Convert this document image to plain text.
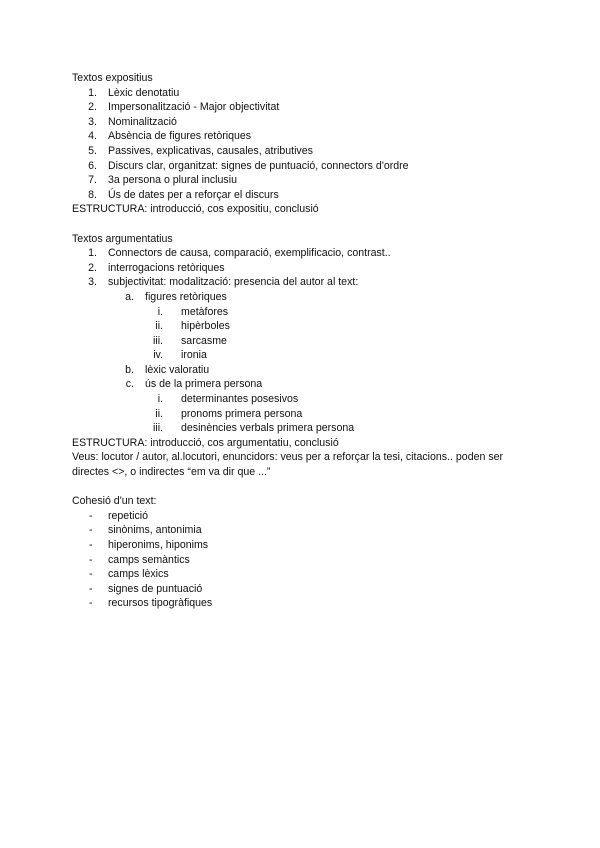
Textos expositius
1. Lèxic denotatiu
2. Impersonalització - Major objectivitat
3. Nominalització
4. Absència de figures retòriques
5. Passives, explicativas, causales, atributives
6. Discurs clar, organitzat: signes de puntuació, connectors d'ordre
7. 3a persona o plural inclusiu
8. Ús de dates per a reforçar el discurs
ESTRUCTURA: introducció, cos expositiu, conclusió
Textos argumentatius
1. Connectors de causa, comparació, exemplificacio, contrast..
2. interrogacions retòriques
3. subjectivitat: modalització: presencia del autor al text:
a. figures retòriques
i. metàfores
ii. hipèrboles
iii. sarcasme
iv. ironia
b. lèxic valoratiu
c. ús de la primera persona
i. determinantes posesivos
ii. pronoms primera persona
iii. desinències verbals primera persona
ESTRUCTURA: introducció, cos argumentatiu, conclusió
Veus: locutor / autor, al.locutori, enuncidors: veus per a reforçar la tesi, citacions.. poden ser directes <>, o indirectes “em va dir que ...”
Cohesió d'un text:
- repetició
- sinònims, antonimia
- hiperonims, hiponims
- camps semàntics
- camps lèxics
- signes de puntuació
- recursos tipogràfiques
